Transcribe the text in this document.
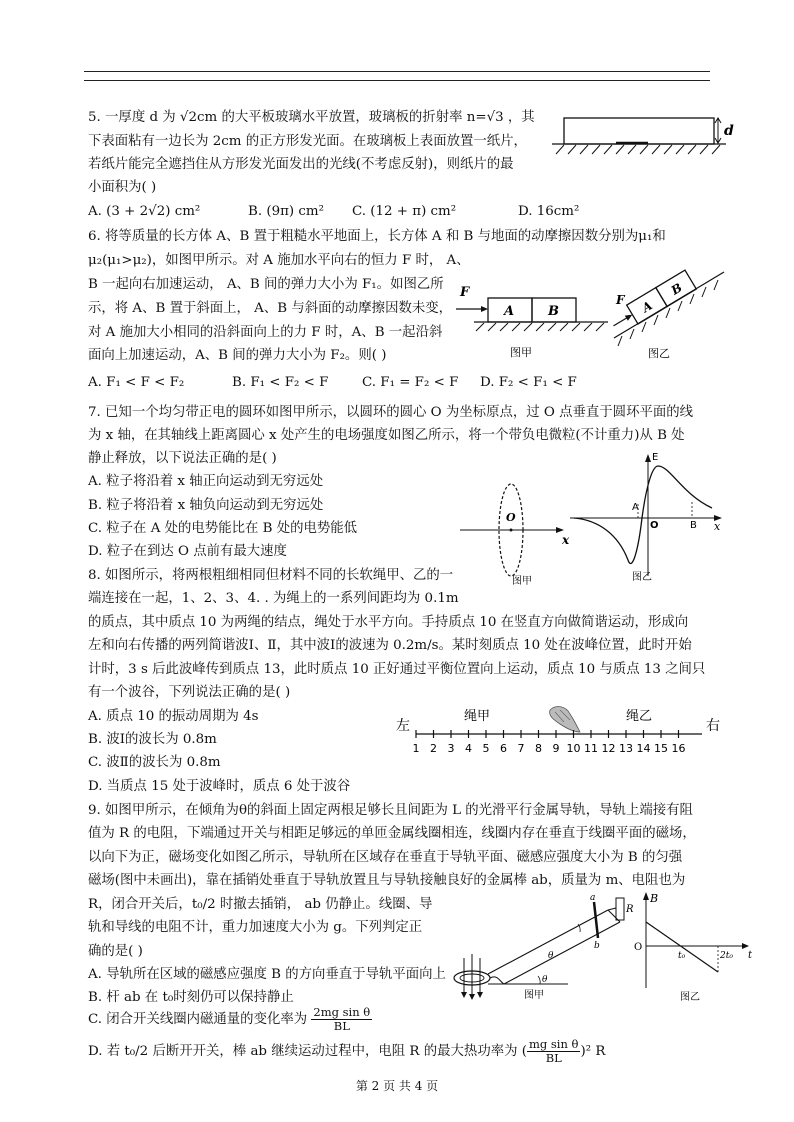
5. 一厚度 d 为 √2cm 的大平板玻璃水平放置，玻璃板的折射率 n=√3 ，其
下表面粘有一边长为 2cm 的正方形发光面。在玻璃板上表面放置一纸片，
若纸片能完全遮挡住从方形发光面发出的光线(不考虑反射)，则纸片的最
小面积为( )
A. (3 + 2√2) cm²	B. (9π) cm² C. (12 + π) cm²	D. 16cm²
d
6. 将等质量的长方体 A、B 置于粗糙水平地面上，长方体 A 和 B 与地面的动摩擦因数分别为μ₁和
μ₂(μ₁>μ₂)，如图甲所示。对 A 施加水平向右的恒力 F 时， A、
B 一起向右加速运动， A、B 间的弹力大小为 F₁。如图乙所
示，将 A、B 置于斜面上， A、B 与斜面的动摩擦因数未变，
对 A 施加大小相同的沿斜面向上的力 F 时，A、B 一起沿斜
面向上加速运动，A、B 间的弹力大小为 F₂。则( )
A. F₁ < F < F₂	B. F₁ < F₂ < F	C. F₁ = F₂ < F D. F₂ < F₁ < F
F
A	B
图甲
A
B
F
图乙
7. 已知一个均匀带正电的圆环如图甲所示，以圆环的圆心 O 为坐标原点，过 O 点垂直于圆环平面的线
为 x 轴，在其轴线上距离圆心 x 处产生的电场强度如图乙所示，将一个带负电微粒(不计重力)从 B 处
静止释放，以下说法正确的是( )
A. 粒子将沿着 x 轴正向运动到无穷远处
B. 粒子将沿着 x 轴负向运动到无穷远处
C. 粒子在 A 处的电势能比在 B 处的电势能低
D. 粒子在到达 O 点前有最大速度
O
x
图甲
E
A
O	B x
图乙
8. 如图所示，将两根粗细相同但材料不同的长软绳甲、乙的一
端连接在一起，1、2、3、4. . 为绳上的一系列间距均为 0.1m
的质点，其中质点 10 为两绳的结点，绳处于水平方向。手持质点 10 在竖直方向做简谐运动，形成向
左和向右传播的两列简谐波Ⅰ、Ⅱ，其中波Ⅰ的波速为 0.2m/s。某时刻质点 10 处在波峰位置，此时开始
计时，3 s 后此波峰传到质点 13，此时质点 10 正好通过平衡位置向上运动，质点 10 与质点 13 之间只
有一个波谷，下列说法正确的是( )
A. 质点 10 的振动周期为 4s
B. 波Ⅰ的波长为 0.8m
C. 波Ⅱ的波长为 0.8m
D. 当质点 15 处于波峰时，质点 6 处于波谷
左	右
绳甲	绳乙
1 2 3 4 5 6 7 8 9 10 11 12 13 14 15 16
9. 如图甲所示，在倾角为θ的斜面上固定两根足够长且间距为 L 的光滑平行金属导轨，导轨上端接有阻
值为 R 的电阻，下端通过开关与相距足够远的单匝金属线圈相连，线圈内存在垂直于线圈平面的磁场，
以向下为正，磁场变化如图乙所示，导轨所在区域存在垂直于导轨平面、磁感应强度大小为 B 的匀强
磁场(图中未画出)，靠在插销处垂直于导轨放置且与导轨接触良好的金属棒 ab，质量为 m、电阻也为
R，闭合开关后，t₀/2 时撤去插销， ab 仍静止。线圈、导
轨和导线的电阻不计，重力加速度大小为 g。下列判定正
确的是( )
A. 导轨所在区域的磁感应强度 B 的方向垂直于导轨平面向上
B. 杆 ab 在 t₀时刻仍可以保持静止
C. 闭合开关线圈内磁通量的变化率为 $\frac{\text{2mg sin θ}}{BL}$
D. 若 t₀/2 后断开开关，棒 ab 继续运动过程中，电阻 R 的最大热功率为 ( $\frac{\text{mg sin θ}}{BL} )^2$ R
θ
θ
a
b
R
图甲
B
O
t
t₀	2t₀
图乙
第 2 页 共 4 页
